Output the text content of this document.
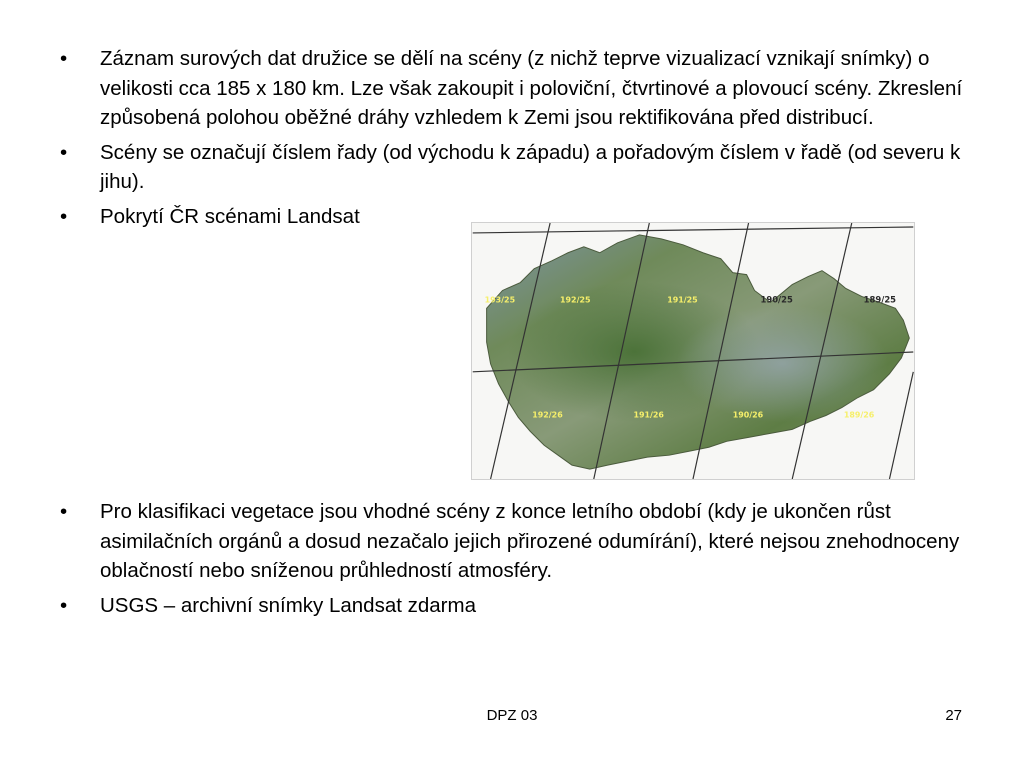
• Záznam surových dat družice se dělí na scény (z nichž teprve vizualizací vznikají snímky) o velikosti cca 185 x 180 km. Lze však zakoupit i poloviční, čtvrtinové a plovoucí scény. Zkreslení způsobená polohou oběžné dráhy vzhledem k Zemi jsou rektifikována před distribucí.
• Scény se označují číslem řady (od východu k západu) a pořadovým číslem v řadě (od severu k jihu).
• Pokrytí ČR scénami Landsat
193/25	192/25	191/25	190/25	189/25
192/26	191/26	190/26	189/26
• Pro klasifikaci vegetace jsou vhodné scény z konce letního období (kdy je ukončen růst asimilačních orgánů a dosud nezačalo jejich přirozené odumírání), které nejsou znehodnoceny oblačností nebo sníženou průhledností atmosféry.
• USGS – archivní snímky Landsat zdarma
DPZ 03	27
